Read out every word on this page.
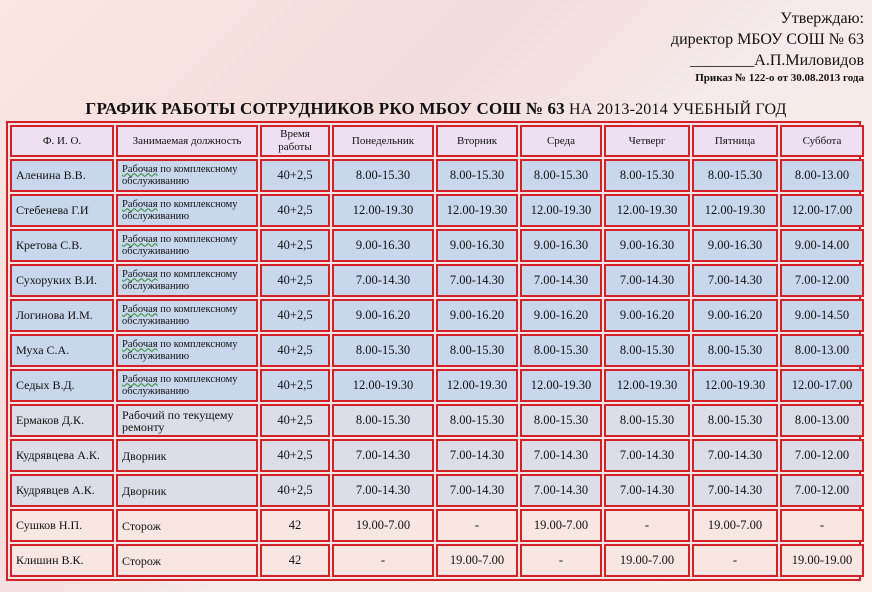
Утверждаю:
директор МБОУ СОШ № 63
________А.П.Миловидов
Приказ № 122-о от 30.08.2013 года
ГРАФИК РАБОТЫ СОТРУДНИКОВ РКО МБОУ СОШ № 63 НА 2013-2014 УЧЕБНЫЙ ГОД
Ф. И. О.	Занимаемая должность	Время работы	Понедельник	Вторник	Среда	Четверг	Пятница	Суббота
Аленина В.В.	Рабочая по комплексному обслуживанию	40+2,5	8.00-15.30	8.00-15.30	8.00-15.30	8.00-15.30	8.00-15.30	8.00-13.00
Стебенева Г.И	Рабочая по комплексному обслуживанию	40+2,5	12.00-19.30	12.00-19.30	12.00-19.30	12.00-19.30	12.00-19.30	12.00-17.00
Кретова С.В.	Рабочая по комплексному обслуживанию	40+2,5	9.00-16.30	9.00-16.30	9.00-16.30	9.00-16.30	9.00-16.30	9.00-14.00
Сухоруких В.И.	Рабочая по комплексному обслуживанию	40+2,5	7.00-14.30	7.00-14.30	7.00-14.30	7.00-14.30	7.00-14.30	7.00-12.00
Логинова И.М.	Рабочая по комплексному обслуживанию	40+2,5	9.00-16.20	9.00-16.20	9.00-16.20	9.00-16.20	9.00-16.20	9.00-14.50
Муха С.А.	Рабочая по комплексному обслуживанию	40+2,5	8.00-15.30	8.00-15.30	8.00-15.30	8.00-15.30	8.00-15.30	8.00-13.00
Седых В.Д.	Рабочая по комплексному обслуживанию	40+2,5	12.00-19.30	12.00-19.30	12.00-19.30	12.00-19.30	12.00-19.30	12.00-17.00
Ермаков Д.К.	Рабочий по текущему ремонту	40+2,5	8.00-15.30	8.00-15.30	8.00-15.30	8.00-15.30	8.00-15.30	8.00-13.00
Кудрявцева А.К.	Дворник	40+2,5	7.00-14.30	7.00-14.30	7.00-14.30	7.00-14.30	7.00-14.30	7.00-12.00
Кудрявцев А.К.	Дворник	40+2,5	7.00-14.30	7.00-14.30	7.00-14.30	7.00-14.30	7.00-14.30	7.00-12.00
Сушков Н.П.	Сторож	42	19.00-7.00	-	19.00-7.00	-	19.00-7.00	-
Клишин В.К.	Сторож	42	-	19.00-7.00	-	19.00-7.00	-	19.00-19.00
